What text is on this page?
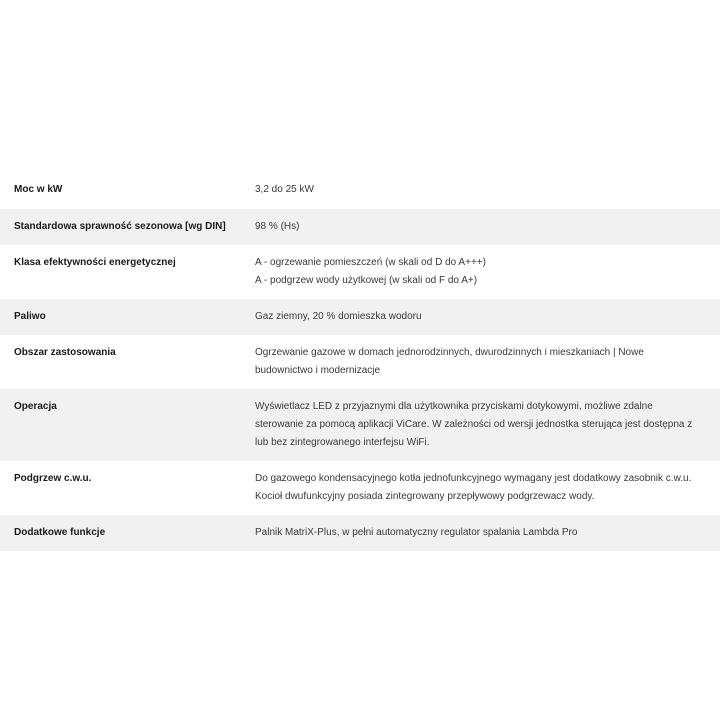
Moc w kW	3,2 do 25 kW
Standardowa sprawność sezonowa [wg DIN]	98 % (Hs)
Klasa efektywności energetycznej	A - ogrzewanie pomieszczeń (w skali od D do A+++)
A - podgrzew wody użytkowej (w skali od F do A+)
Paliwo	Gaz ziemny, 20 % domieszka wodoru
Obszar zastosowania	Ogrzewanie gazowe w domach jednorodzinnych, dwurodzinnych i mieszkaniach | Nowe
budownictwo i modernizacje
Operacja	Wyświetlacz LED z przyjaznymi dla użytkownika przyciskami dotykowymi, możliwe zdalne
sterowanie za pomocą aplikacji ViCare. W zależności od wersji jednostka sterująca jest dostępna z
lub bez zintegrowanego interfejsu WiFi.
Podgrzew c.w.u.	Do gazowego kondensacyjnego kotła jednofunkcyjnego wymagany jest dodatkowy zasobnik c.w.u.
Kocioł dwufunkcyjny posiada zintegrowany przepływowy podgrzewacz wody.
Dodatkowe funkcje	Palnik MatriX-Plus, w pełni automatyczny regulator spalania Lambda Pro
